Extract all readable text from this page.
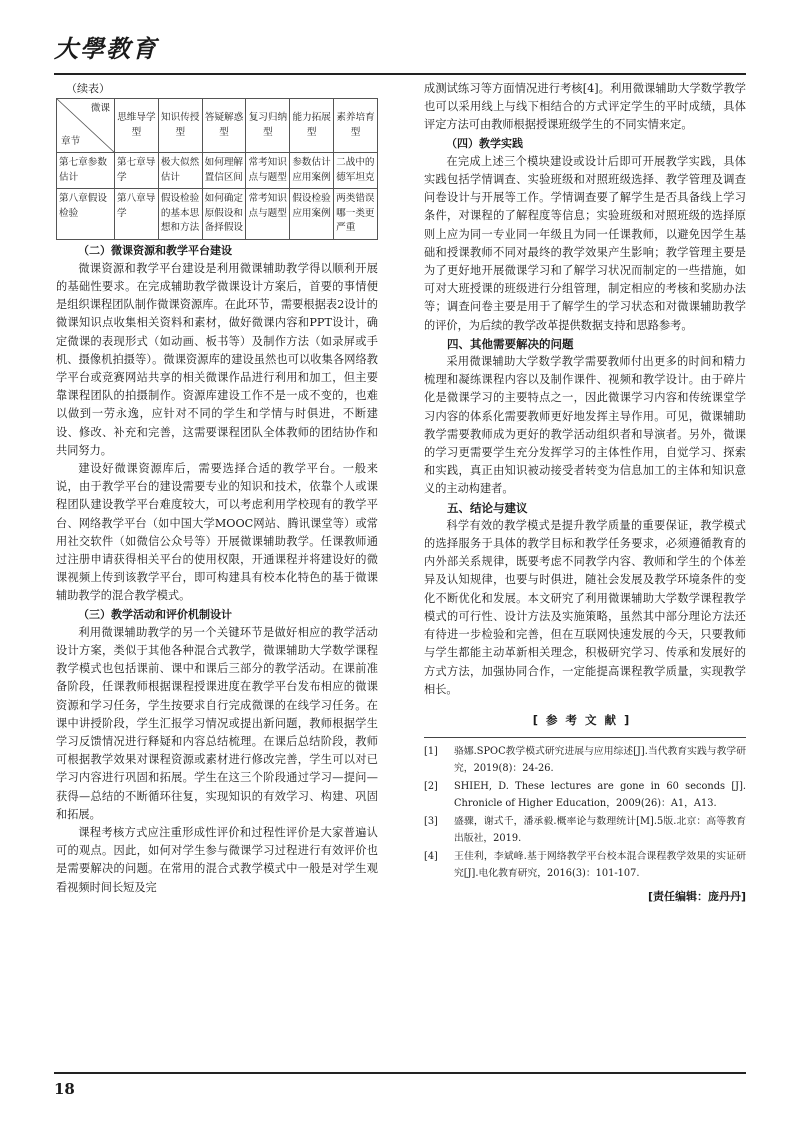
大學教育
（续表）
微课
章节	思维导学型	知识传授型	答疑解惑型	复习归纳型	能力拓展型	素养培育型
第七章参数估计	第七章导学	极大似然估计	如何理解置信区间	常考知识点与题型	参数估计应用案例	二战中的德军坦克
第八章假设检验	第八章导学	假设检验的基本思想和方法	如何确定原假设和备择假设	常考知识点与题型	假设检验应用案例	两类错误哪一类更严重
（二）微课资源和教学平台建设
微课资源和教学平台建设是利用微课辅助教学得以顺利开展的基础性要求。在完成辅助教学微课设计方案后，首要的事情便是组织课程团队制作微课资源库。在此环节，需要根据表2设计的微课知识点收集相关资料和素材，做好微课内容和PPT设计，确定微课的表现形式（如动画、板书等）及制作方法（如录屏或手机、摄像机拍摄等）。微课资源库的建设虽然也可以收集各网络教学平台或竞赛网站共享的相关微课作品进行利用和加工，但主要靠课程团队的拍摄制作。资源库建设工作不是一成不变的，也难以做到一劳永逸，应针对不同的学生和学情与时俱进，不断建设、修改、补充和完善，这需要课程团队全体教师的团结协作和共同努力。
建设好微课资源库后，需要选择合适的教学平台。一般来说，由于教学平台的建设需要专业的知识和技术，依靠个人或课程团队建设教学平台难度较大，可以考虑利用学校现有的教学平台、网络教学平台（如中国大学MOOC网站、腾讯课堂等）或常用社交软件（如微信公众号等）开展微课辅助教学。任课教师通过注册申请获得相关平台的使用权限，开通课程并将建设好的微课视频上传到该教学平台，即可构建具有校本化特色的基于微课辅助教学的混合教学模式。
（三）教学活动和评价机制设计
利用微课辅助教学的另一个关键环节是做好相应的教学活动设计方案，类似于其他各种混合式教学，微课辅助大学数学课程教学模式也包括课前、课中和课后三部分的教学活动。在课前准备阶段，任课教师根据课程授课进度在教学平台发布相应的微课资源和学习任务，学生按要求自行完成微课的在线学习任务。在课中讲授阶段，学生汇报学习情况或提出新问题，教师根据学生学习反馈情况进行释疑和内容总结梳理。在课后总结阶段，教师可根据教学效果对课程资源或素材进行修改完善，学生可以对已学习内容进行巩固和拓展。学生在这三个阶段通过学习—提问—获得—总结的不断循环往复，实现知识的有效学习、构建、巩固和拓展。
课程考核方式应注重形成性评价和过程性评价是大家普遍认可的观点。因此，如何对学生参与微课学习过程进行有效评价也是需要解决的问题。在常用的混合式教学模式中一般是对学生观看视频时间长短及完
成测试练习等方面情况进行考核[4]。利用微课辅助大学数学教学也可以采用线上与线下相结合的方式评定学生的平时成绩，具体评定方法可由教师根据授课班级学生的不同实情来定。
（四）教学实践
在完成上述三个模块建设或设计后即可开展教学实践，具体实践包括学情调查、实验班级和对照班级选择、教学管理及调查问卷设计与开展等工作。学情调查要了解学生是否具备线上学习条件，对课程的了解程度等信息；实验班级和对照班级的选择原则上应为同一专业同一年级且为同一任课教师，以避免因学生基础和授课教师不同对最终的教学效果产生影响；教学管理主要是为了更好地开展微课学习和了解学习状况而制定的一些措施，如可对大班授课的班级进行分组管理，制定相应的考核和奖励办法等；调查问卷主要是用于了解学生的学习状态和对微课辅助教学的评价，为后续的教学改革提供数据支持和思路参考。
四、其他需要解决的问题
采用微课辅助大学数学教学需要教师付出更多的时间和精力梳理和凝练课程内容以及制作课件、视频和教学设计。由于碎片化是微课学习的主要特点之一，因此微课学习内容和传统课堂学习内容的体系化需要教师更好地发挥主导作用。可见，微课辅助教学需要教师成为更好的教学活动组织者和导演者。另外，微课的学习更需要学生充分发挥学习的主体性作用，自觉学习、探索和实践，真正由知识被动接受者转变为信息加工的主体和知识意义的主动构建者。
五、结论与建议
科学有效的教学模式是提升教学质量的重要保证，教学模式的选择服务于具体的教学目标和教学任务要求，必须遵循教育的内外部关系规律，既要考虑不同教学内容、教师和学生的个体差异及认知规律，也要与时俱进，随社会发展及教学环境条件的变化不断优化和发展。本文研究了利用微课辅助大学数学课程教学模式的可行性、设计方法及实施策略，虽然其中部分理论方法还有待进一步检验和完善，但在互联网快速发展的今天，只要教师与学生都能主动革新相关理念，积极研究学习、传承和发展好的方式方法，加强协同合作，一定能提高课程教学质量，实现教学相长。
[参考文献]
[1]	骆娜.SPOC教学模式研究进展与应用综述[J].当代教育实践与教学研究，2019(8)：24-26.
[2]	SHIEH, D. These lectures are gone in 60 seconds [J]. Chronicle of Higher Education，2009(26)：A1，A13.
[3]	盛骤，谢式千，潘承毅.概率论与数理统计[M].5版.北京：高等教育出版社，2019.
[4]	王佳利，李斌峰.基于网络教学平台校本混合课程教学效果的实证研究[J].电化教育研究，2016(3)：101-107.
[责任编辑：庞丹丹]
18
